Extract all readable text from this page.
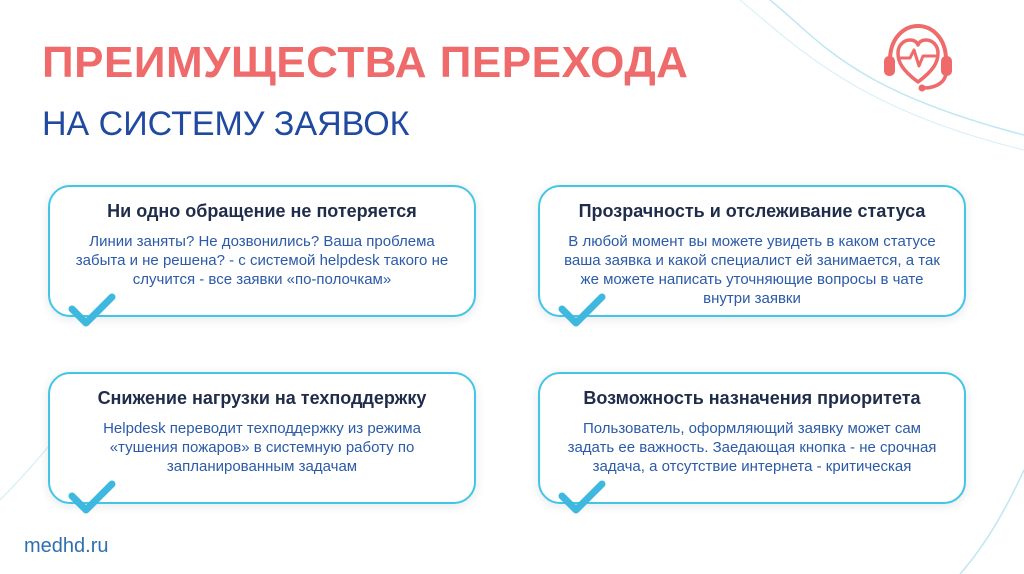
ПРЕИМУЩЕСТВА ПЕРЕХОДА
НА СИСТЕМУ ЗАЯВОК
Ни одно обращение не потеряется

Линии заняты? Не дозвонились? Ваша проблема забыта и не решена? - с системой helpdesk такого не случится - все заявки «по-полочкам»

Прозрачность и отслеживание статуса

В любой момент вы можете увидеть в каком статусе ваша заявка и какой специалист ей занимается, а так же можете написать уточняющие вопросы в чате внутри заявки

Снижение нагрузки на техподдержку

Helpdesk переводит техподдержку из режима «тушения пожаров» в системную работу по запланированным задачам

Возможность назначения приоритета

Пользователь, оформляющий заявку может сам задать ее важность. Заедающая кнопка - не срочная задача, а отсутствие интернета - критическая

medhd.ru
